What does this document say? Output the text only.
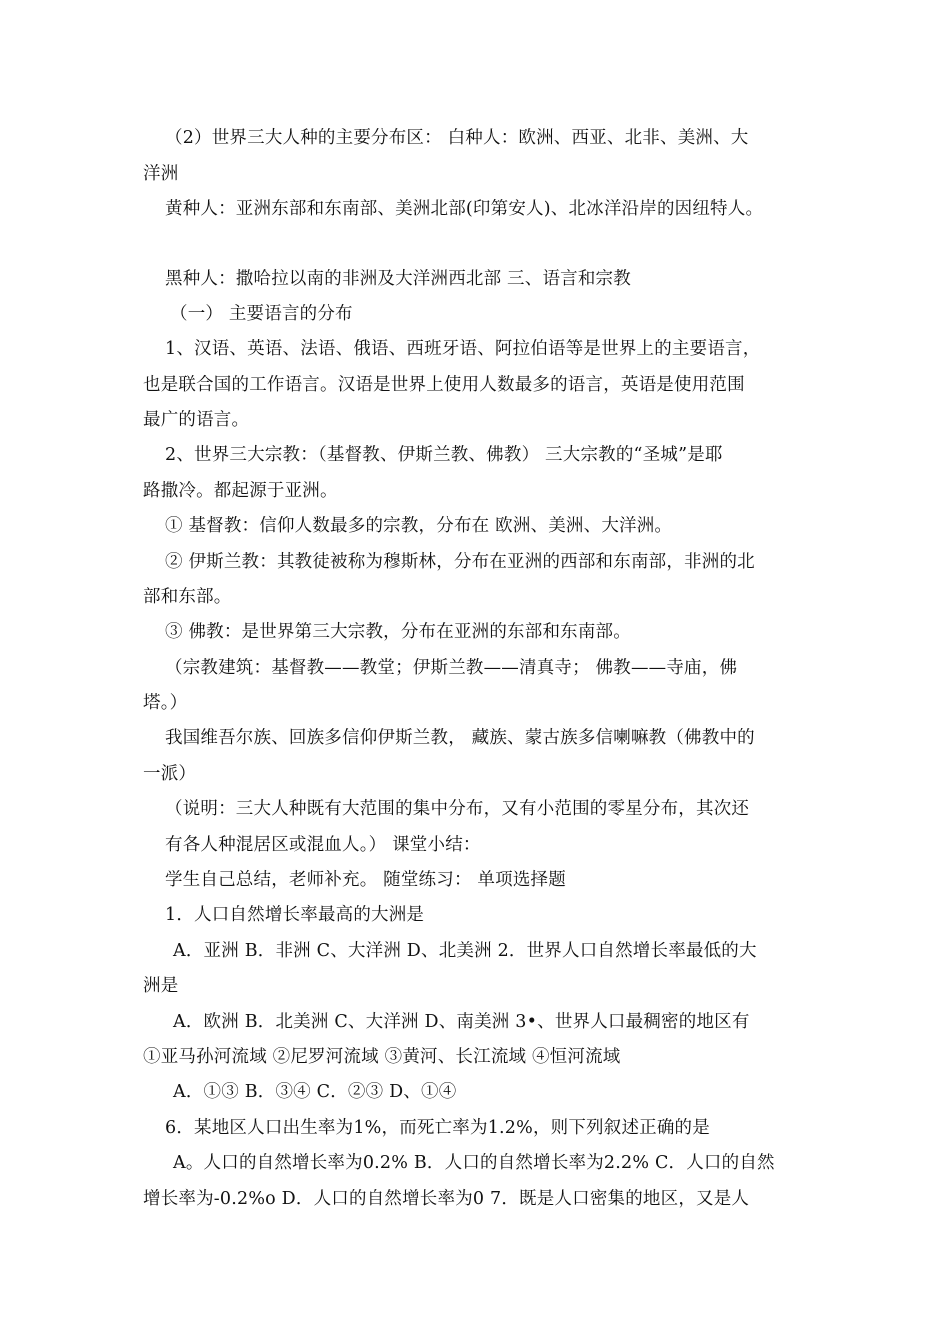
（2）世界三大人种的主要分布区： 白种人：欧洲、西亚、北非、美洲、大
洋洲
黄种人：亚洲东部和东南部、美洲北部(印第安人)、北冰洋沿岸的因纽特人。
黑种人：撒哈拉以南的非洲及大洋洲西北部 三、语言和宗教
（一） 主要语言的分布
1、汉语、英语、法语、俄语、西班牙语、阿拉伯语等是世界上的主要语言，
也是联合国的工作语言。汉语是世界上使用人数最多的语言，英语是使用范围
最广的语言。
2、世界三大宗教：（基督教、伊斯兰教、佛教） 三大宗教的“圣城”是耶
路撒冷。都起源于亚洲。
① 基督教：信仰人数最多的宗教，分布在 欧洲、美洲、大洋洲。
② 伊斯兰教：其教徒被称为穆斯林，分布在亚洲的西部和东南部，非洲的北
部和东部。
③ 佛教：是世界第三大宗教，分布在亚洲的东部和东南部。
（宗教建筑：基督教——教堂；伊斯兰教——清真寺； 佛教——寺庙，佛
塔。）
我国维吾尔族、回族多信仰伊斯兰教， 藏族、蒙古族多信喇嘛教（佛教中的
一派）
（说明：三大人种既有大范围的集中分布，又有小范围的零星分布，其次还
有各人种混居区或混血人。） 课堂小结：
学生自己总结，老师补充。 随堂练习： 单项选择题
1．人口自然增长率最高的大洲是
A．亚洲 B．非洲 C、大洋洲 D、北美洲 2．世界人口自然增长率最低的大
洲是
A．欧洲 B．北美洲 C、大洋洲 D、南美洲 3•、世界人口最稠密的地区有
①亚马孙河流域 ②尼罗河流域 ③黄河、长江流域 ④恒河流域
A．①③ B．③④ C．②③ D、①④
6．某地区人口出生率为1%，而死亡率为1.2%，则下列叙述正确的是
A。人口的自然增长率为0.2% B．人口的自然增长率为2.2% C．人口的自然
增长率为-0.2%o D．人口的自然增长率为0 7．既是人口密集的地区，又是人
